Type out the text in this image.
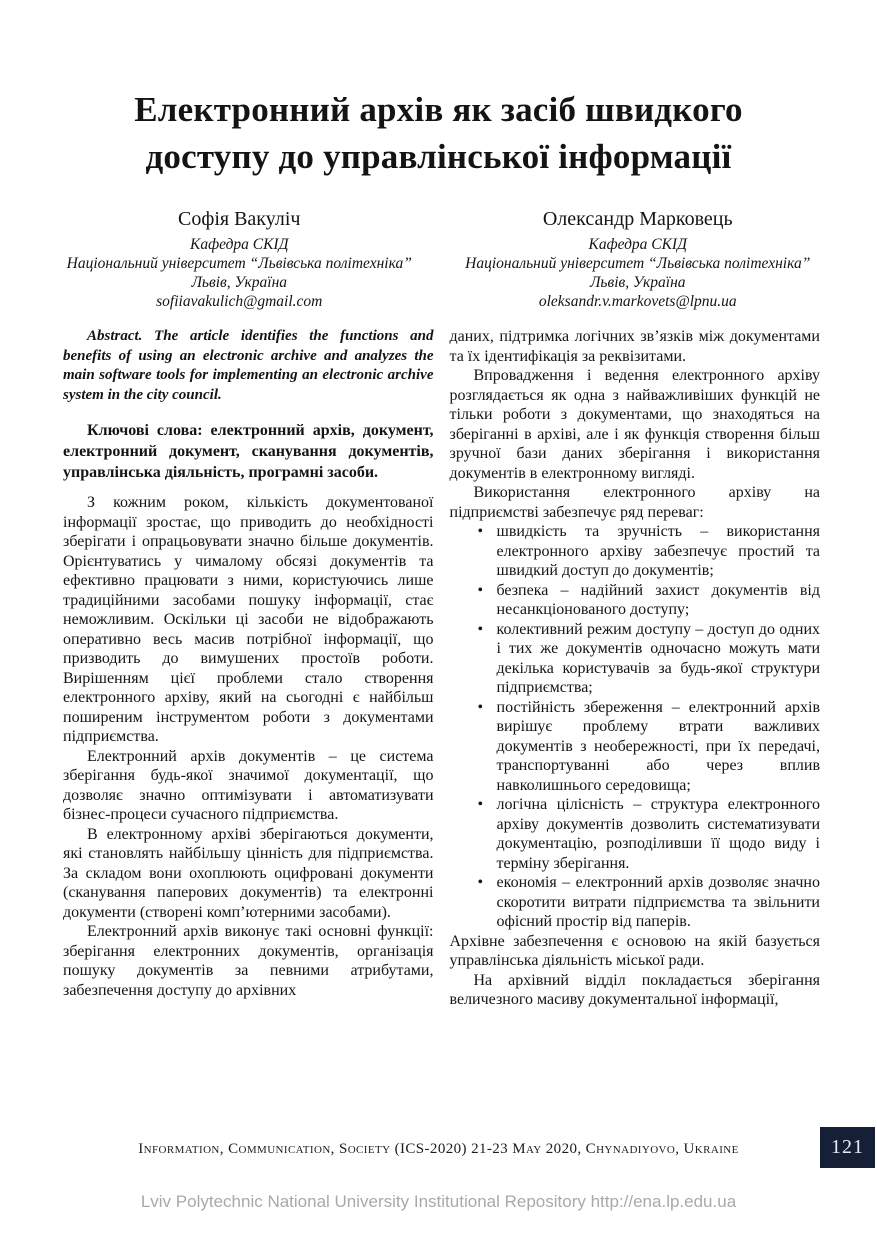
Електронний архів як засіб швидкого доступу до управлінської інформації
Софія Вакуліч
Кафедра СКІД
Національний університет “Львівська політехніка”
Львів, Україна
sofiiavakulich@gmail.com
Олександр Марковець
Кафедра СКІД
Національний університет “Львівська політехніка”
Львів, Україна
oleksandr.v.markovets@lpnu.ua

Abstract. The article identifies the functions and benefits of using an electronic archive and analyzes the main software tools for implementing an electronic archive system in the city council.

Ключові слова: електронний архів, документ, електронний документ, сканування документів, управлінська діяльність, програмні засоби.

З кожним роком, кількість документованої інформації зростає, що приводить до необхідності зберігати і опрацьовувати значно більше документів. Орієнтуватись у чималому обсязі документів та ефективно працювати з ними, користуючись лише традиційними засобами пошуку інформації, стає неможливим. Оскільки ці засоби не відображають оперативно весь масив потрібної інформації, що призводить до вимушених простоїв роботи. Вирішенням цієї проблеми стало створення електронного архіву, який на сьогодні є найбільш поширеним інструментом роботи з документами підприємства.

Електронний архів документів – це система зберігання будь-якої значимої документації, що дозволяє значно оптимізувати і автоматизувати бізнес-процеси сучасного підприємства.

В електронному архіві зберігаються документи, які становлять найбільшу цінність для підприємства. За складом вони охоплюють оцифровані документи (сканування паперових документів) та електронні документи (створені комп’ютерними засобами).

Електронний архів виконує такі основні функції: зберігання електронних документів, організація пошуку документів за певними атрибутами, забезпечення доступу до архівних

даних, підтримка логічних зв’язків між документами та їх ідентифікація за реквізитами.

Впровадження і ведення електронного архіву розглядається як одна з найважливіших функцій не тільки роботи з документами, що знаходяться на зберіганні в архіві, але і як функція створення більш зручної бази даних зберігання і використання документів в електронному вигляді.

Використання електронного архіву на підприємстві забезпечує ряд переваг:

• швидкість та зручність – використання електронного архіву забезпечує простий та швидкий доступ до документів;
• безпека – надійний захист документів від несанкціонованого доступу;
• колективний режим доступу – доступ до одних і тих же документів одночасно можуть мати декілька користувачів за будь-якої структури підприємства;
• постійність збереження – електронний архів вирішує проблему втрати важливих документів з необережності, при їх передачі, транспортуванні або через вплив навколишнього середовища;
• логічна цілісність – структура електронного архіву документів дозволить систематизувати документацію, розподіливши її щодо виду і терміну зберігання.
• економія – електронний архів дозволяє значно скоротити витрати підприємства та звільнити офісний простір від паперів.

Архівне забезпечення є основою на якій базується управлінська діяльність міської ради.

На архівний відділ покладається зберігання величезного масиву документальної інформації,

Information, Communication, Society (ICS-2020) 21-23 May 2020, Chynadiyovo, Ukraine	121
Lviv Polytechnic National University Institutional Repository http://ena.lp.edu.ua
